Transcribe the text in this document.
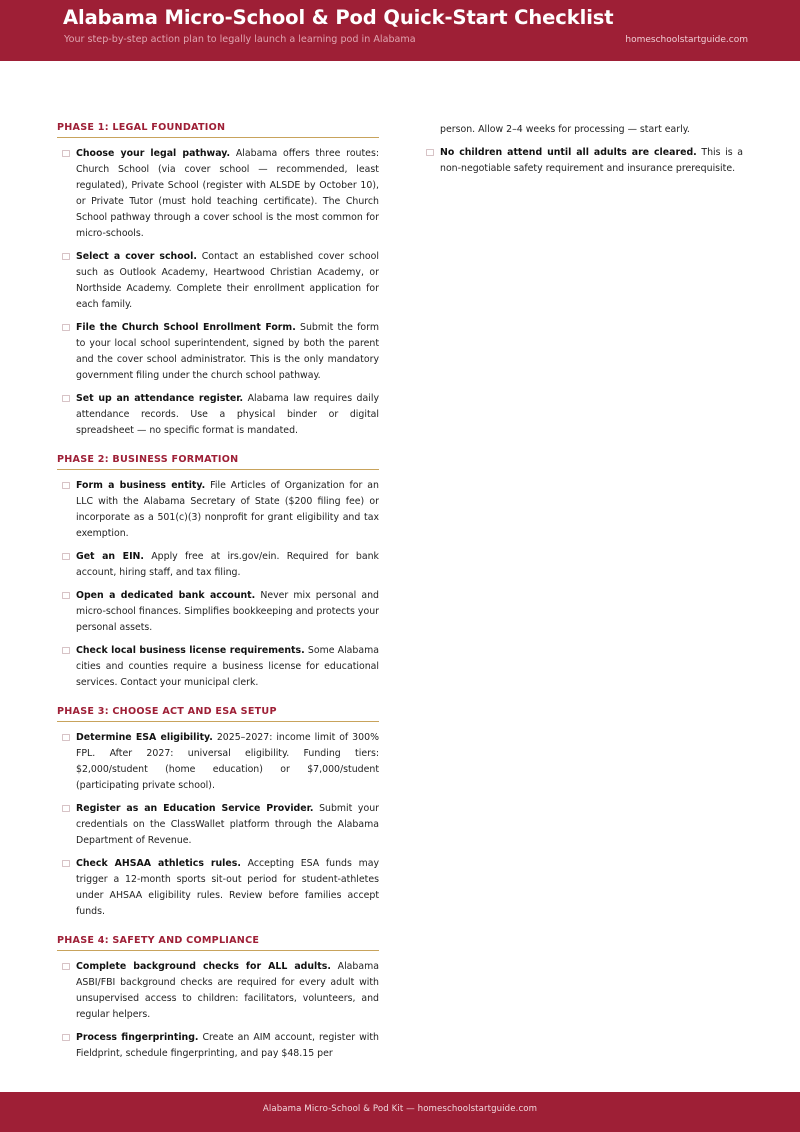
Alabama Micro-School & Pod Quick-Start Checklist
Your step-by-step action plan to legally launch a learning pod in Alabama	homeschoolstartguide.com
PHASE 1: LEGAL FOUNDATION
Choose your legal pathway. Alabama offers three routes: Church School (via cover school — recommended, least regulated), Private School (register with ALSDE by October 10), or Private Tutor (must hold teaching certificate). The Church School pathway through a cover school is the most common for micro-schools.
Select a cover school. Contact an established cover school such as Outlook Academy, Heartwood Christian Academy, or Northside Academy. Complete their enrollment application for each family.
File the Church School Enrollment Form. Submit the form to your local school superintendent, signed by both the parent and the cover school administrator. This is the only mandatory government filing under the church school pathway.
Set up an attendance register. Alabama law requires daily attendance records. Use a physical binder or digital spreadsheet — no specific format is mandated.
PHASE 2: BUSINESS FORMATION
Form a business entity. File Articles of Organization for an LLC with the Alabama Secretary of State ($200 filing fee) or incorporate as a 501(c)(3) nonprofit for grant eligibility and tax exemption.
Get an EIN. Apply free at irs.gov/ein. Required for bank account, hiring staff, and tax filing.
Open a dedicated bank account. Never mix personal and micro-school finances. Simplifies bookkeeping and protects your personal assets.
Check local business license requirements. Some Alabama cities and counties require a business license for educational services. Contact your municipal clerk.
PHASE 3: CHOOSE ACT AND ESA SETUP
Determine ESA eligibility. 2025–2027: income limit of 300% FPL. After 2027: universal eligibility. Funding tiers: $2,000/student (home education) or $7,000/student (participating private school).
Register as an Education Service Provider. Submit your credentials on the ClassWallet platform through the Alabama Department of Revenue.
Check AHSAA athletics rules. Accepting ESA funds may trigger a 12-month sports sit-out period for student-athletes under AHSAA eligibility rules. Review before families accept funds.
PHASE 4: SAFETY AND COMPLIANCE
Complete background checks for ALL adults. Alabama ASBI/FBI background checks are required for every adult with unsupervised access to children: facilitators, volunteers, and regular helpers.
Process fingerprinting. Create an AIM account, register with Fieldprint, schedule fingerprinting, and pay $48.15 per
person. Allow 2–4 weeks for processing — start early.
No children attend until all adults are cleared. This is a non-negotiable safety requirement and insurance prerequisite.
Alabama Micro-School & Pod Kit — homeschoolstartguide.com
